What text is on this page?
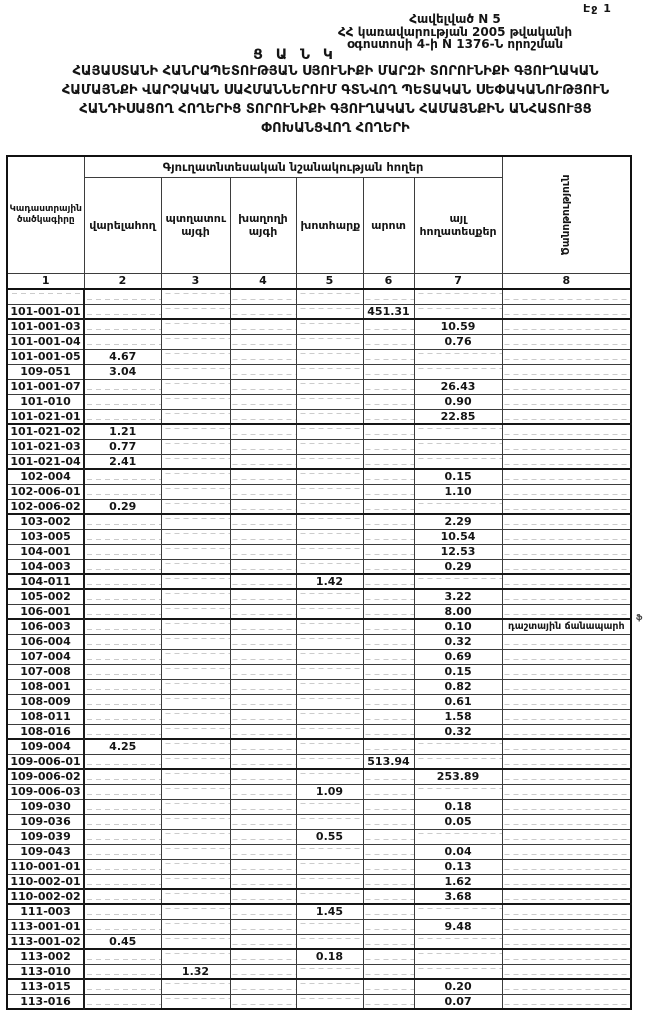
Էջ 1
Հավելված N 5
ՀՀ կառավարության 2005 թվականի
օգոստոսի 4-ի N 1376-Ն որոշման
Ց Ա Ն Կ
ՀԱՅԱՍՏԱՆԻ ՀԱՆՐԱՊԵՏՈՒԹՅԱՆ ՍՅՈՒՆԻՔԻ ՄԱՐԶԻ ՏՈՐՈՒՆԻՔԻ ԳՅՈՒՂԱԿԱՆ
ՀԱՄԱՅՆՔԻ ՎԱՐՉԱԿԱՆ ՍԱՀՄԱՆՆԵՐՈՒՄ ԳՏՆՎՈՂ ՊԵՏԱԿԱՆ ՍԵՓԱԿԱՆՈՒԹՅՈՒՆ
ՀԱՆԴԻՍԱՑՈՂ ՀՈՂԵՐԻՑ ՏՈՐՈՒՆԻՔԻ ԳՅՈՒՂԱԿԱՆ ՀԱՄԱՅՆՔԻՆ ԱՆՀԱՏՈՒՅՑ
ՓՈԽԱՆՑՎՈՂ ՀՈՂԵՐԻ
Կադաստրային ծածկագիրը	Գյուղատնտեսական նշանակության հողեր						Ծանոթություն

	վարելահող	պտղատու այգի	խաղողի այգի	խոտհարք	արոտ	այլ հողատեսքեր	
1	2	3	4	5	6	7	8

101-001-01					451.31		
101-001-03						10.59	
101-001-04						0.76	
101-001-05	4.67						
109-051	3.04						
101-001-07						26.43	
101-010						0.90	
101-021-01						22.85	
101-021-02	1.21						
101-021-03	0.77						
101-021-04	2.41						
102-004						0.15	
102-006-01						1.10	
102-006-02	0.29						
103-002						2.29	
103-005						10.54	
104-001						12.53	
104-003						0.29	
104-011				1.42			
105-002						3.22	
106-001						8.00	
106-003						0.10	դաշտային ճանապարհ
106-004						0.32	
107-004						0.69	
107-008						0.15	
108-001						0.82	
108-009						0.61	
108-011						1.58	
108-016						0.32	
109-004	4.25						
109-006-01					513.94		
109-006-02						253.89	
109-006-03				1.09			
109-030						0.18	
109-036						0.05	
109-039				0.55			
109-043						0.04	
110-001-01						0.13	
110-002-01						1.62	
110-002-02						3.68	
111-003				1.45			
113-001-01						9.48	
113-001-02	0.45						
113-002				0.18			
113-010		1.32					
113-015						0.20	
113-016						0.07	
ֆ
